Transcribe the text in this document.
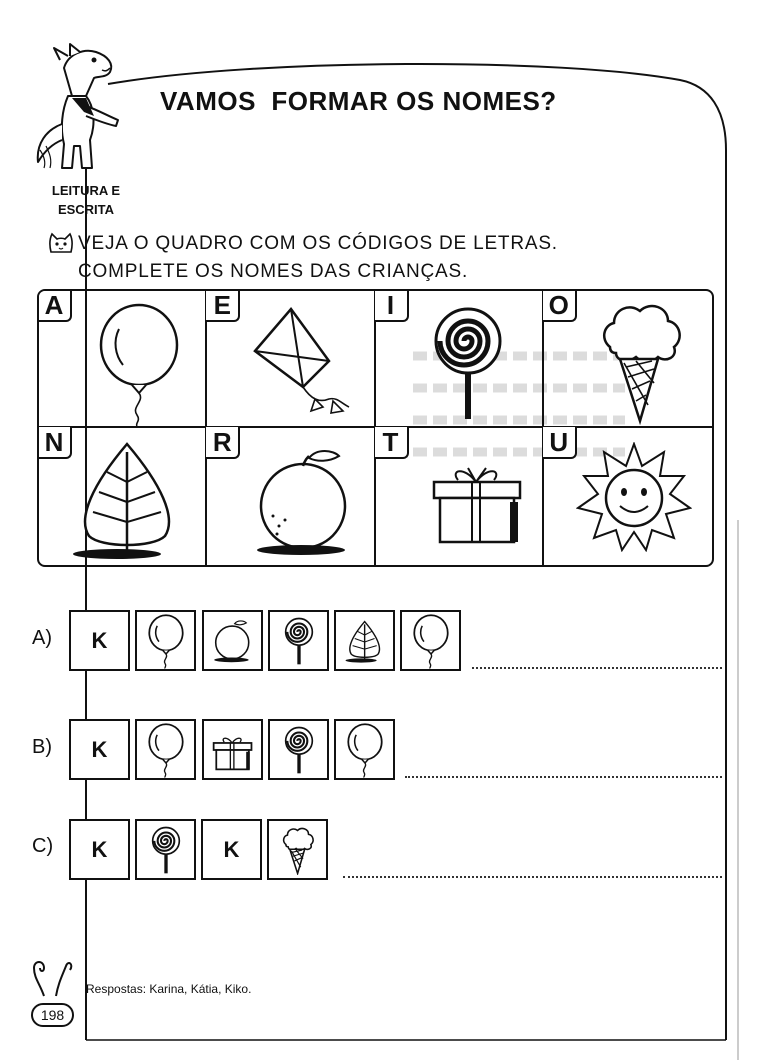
VAMOS  FORMAR OS NOMES?
LEITURA E ESCRITA
VEJA O QUADRO COM OS CÓDIGOS DE LETRAS.
COMPLETE OS NOMES DAS CRIANÇAS.
A	E	I	O
N	R	T	U
A) K
B) K
C) K	K
198
Respostas: Karina, Kátia, Kiko.
